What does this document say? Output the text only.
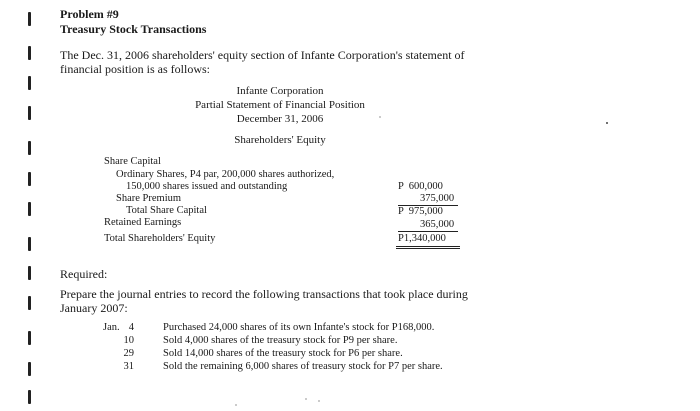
Problem #9
Treasury Stock Transactions
The Dec. 31, 2006 shareholders' equity section of Infante Corporation's statement of
financial position is as follows:
Infante Corporation
Partial Statement of Financial Position
December 31, 2006
Shareholders' Equity
Share Capital
Ordinary Shares, P4 par, 200,000 shares authorized,
150,000 shares issued and outstanding
Share Premium
Total Share Capital
Retained Earnings
Total Shareholders' Equity
P  600,000
375,000
P  975,000
365,000
P1,340,000
Required:
Prepare the journal entries to record the following transactions that took place during
January 2007:
Jan. 4
10
29
31
Purchased 24,000 shares of its own Infante's stock for P168,000.
Sold 4,000 shares of the treasury stock for P9 per share.
Sold 14,000 shares of the treasury stock for P6 per share.
Sold the remaining 6,000 shares of treasury stock for P7 per share.
